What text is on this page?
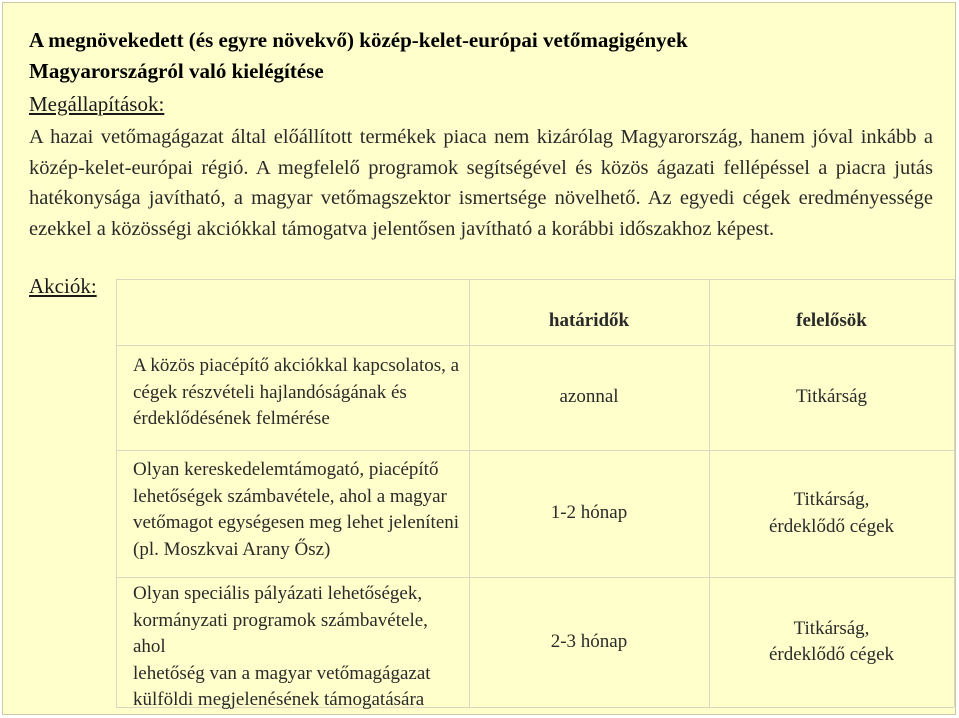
A megnövekedett (és egyre növekvő) közép-kelet-európai vetőmagigények
Magyarországról való kielégítése
Megállapítások:
A hazai vetőmagágazat által előállított termékek piaca nem kizárólag Magyarország, hanem jóval inkább a közép-kelet-európai régió. A megfelelő programok segítségével és közös ágazati fellépéssel a piacra jutás hatékonysága javítható, a magyar vetőmagszektor ismertsége növelhető. Az egyedi cégek eredményessége ezekkel a közösségi akciókkal támogatva jelentősen javítható a korábbi időszakhoz képest.
Akciók:
határidők	felelősök
A közös piacépítő akciókkal kapcsolatos, a
cégek részvételi hajlandóságának és
érdeklődésének felmérése
azonnal	Titkárság
Olyan kereskedelemtámogató, piacépítő
lehetőségek számbavétele, ahol a magyar
vetőmagot egységesen meg lehet jeleníteni
(pl. Moszkvai Arany Ősz)
1-2 hónap
Titkárság,
érdeklődő cégek
Olyan speciális pályázati lehetőségek,
kormányzati programok számbavétele, ahol
lehetőség van a magyar vetőmagágazat
külföldi megjelenésének támogatására
2-3 hónap
Titkárság,
érdeklődő cégek
